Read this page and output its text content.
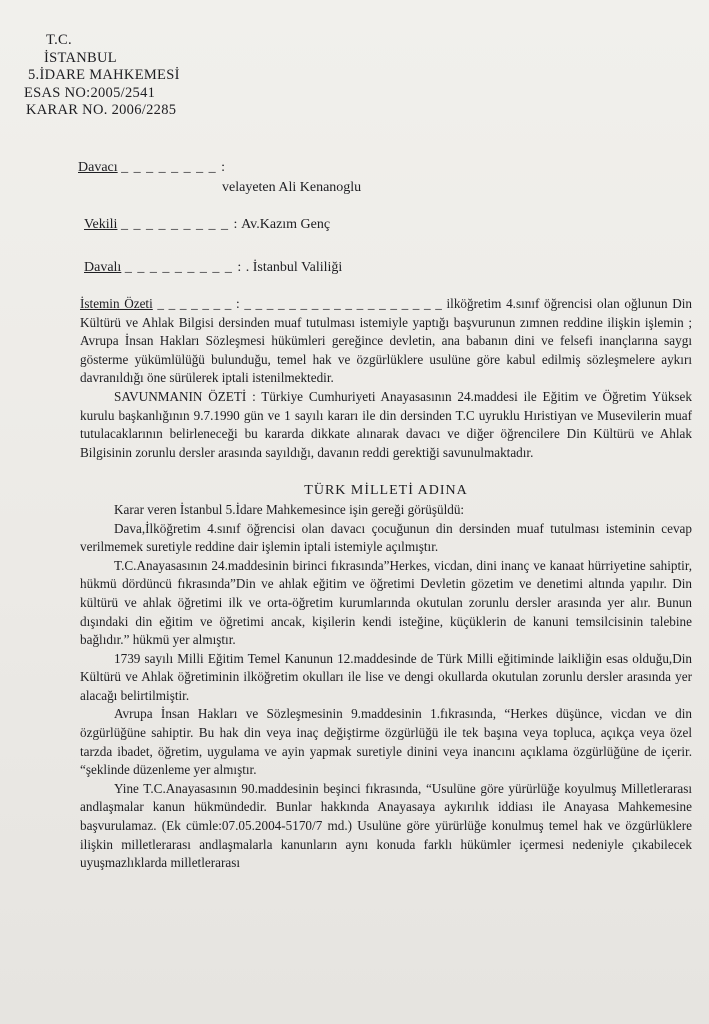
T.C.
İSTANBUL
5.İDARE MAHKEMESİ
ESAS NO:2005/2541
KARAR NO. 2006/2285
Davacı _ _ _ _ _ _ _ _ :
velayeten Ali Kenanoglu
Vekili _ _ _ _ _ _ _ _ _ : Av.Kazım Genç
Davalı _ _ _ _ _ _ _ _ _ : . İstanbul Valiliği

İstemin Özeti _ _ _ _ _ _ _ : _ _ _ _ _ _ _ _ _ _ _ _ _ _ _ _ _ _ ilköğretim 4.sınıf öğrencisi olan oğlunun Din Kültürü ve Ahlak Bilgisi dersinden muaf tutulması istemiyle yaptığı başvurunun zımnen reddine ilişkin işlemin ; Avrupa İnsan Hakları Sözleşmesi hükümleri gereğince devletin, ana babanın dini ve felsefi inançlarına saygı gösterme yükümlülüğü bulunduğu, temel hak ve özgürlüklere usulüne göre kabul edilmiş sözleşmelere aykırı davranıldığı öne sürülerek iptali istenilmektedir.

SAVUNMANIN ÖZETİ : Türkiye Cumhuriyeti Anayasasının 24.maddesi ile Eğitim ve Öğretim Yüksek kurulu başkanlığının 9.7.1990 gün ve 1 sayılı kararı ile din dersinden T.C uyruklu Hıristiyan ve Musevilerin muaf tutulacaklarının belirleneceği bu kararda dikkate alınarak davacı ve diğer öğrencilere Din Kültürü ve Ahlak Bilgisinin zorunlu dersler arasında sayıldığı, davanın reddi gerektiği savunulmaktadır.

TÜRK MİLLETİ ADINA

Karar veren İstanbul 5.İdare Mahkemesince işin gereği görüşüldü:

Dava,İlköğretim 4.sınıf öğrencisi olan davacı çocuğunun din dersinden muaf tutulması isteminin cevap verilmemek suretiyle reddine dair işlemin iptali istemiyle açılmıştır.

T.C.Anayasasının 24.maddesinin birinci fıkrasında”Herkes, vicdan, dini inanç ve kanaat hürriyetine sahiptir, hükmü dördüncü fıkrasında”Din ve ahlak eğitim ve öğretimi Devletin gözetim ve denetimi altında yapılır. Din kültürü ve ahlak öğretimi ilk ve orta-öğretim kurumlarında okutulan zorunlu dersler arasında yer alır. Bunun dışındaki din eğitim ve öğretimi ancak, kişilerin kendi isteğine, küçüklerin de kanuni temsilcisinin talebine bağlıdır.” hükmü yer almıştır.

1739 sayılı Milli Eğitim Temel Kanunun 12.maddesinde de Türk Milli eğitiminde laikliğin esas olduğu,Din Kültürü ve Ahlak öğretiminin ilköğretim okulları ile lise ve dengi okullarda okutulan zorunlu dersler arasında yer alacağı belirtilmiştir.

Avrupa İnsan Hakları ve Sözleşmesinin 9.maddesinin 1.fıkrasında, “Herkes düşünce, vicdan ve din özgürlüğüne sahiptir. Bu hak din veya inaç değiştirme özgürlüğü ile tek başına veya topluca, açıkça veya özel tarzda ibadet, öğretim, uygulama ve ayin yapmak suretiyle dinini veya inancını açıklama özgürlüğüne de içerir. “şeklinde düzenleme yer almıştır.

Yine T.C.Anayasasının 90.maddesinin beşinci fıkrasında, “Usulüne göre yürürlüğe koyulmuş Milletlerarası andlaşmalar kanun hükmündedir. Bunlar hakkında Anayasaya aykırılık iddiası ile Anayasa Mahkemesine başvurulamaz. (Ek cümle:07.05.2004-5170/7 md.) Usulüne göre yürürlüğe konulmuş temel hak ve özgürlüklere ilişkin milletlerarası andlaşmalarla kanunların aynı konuda farklı hükümler içermesi nedeniyle çıkabilecek uyuşmazlıklarda milletlerarası
